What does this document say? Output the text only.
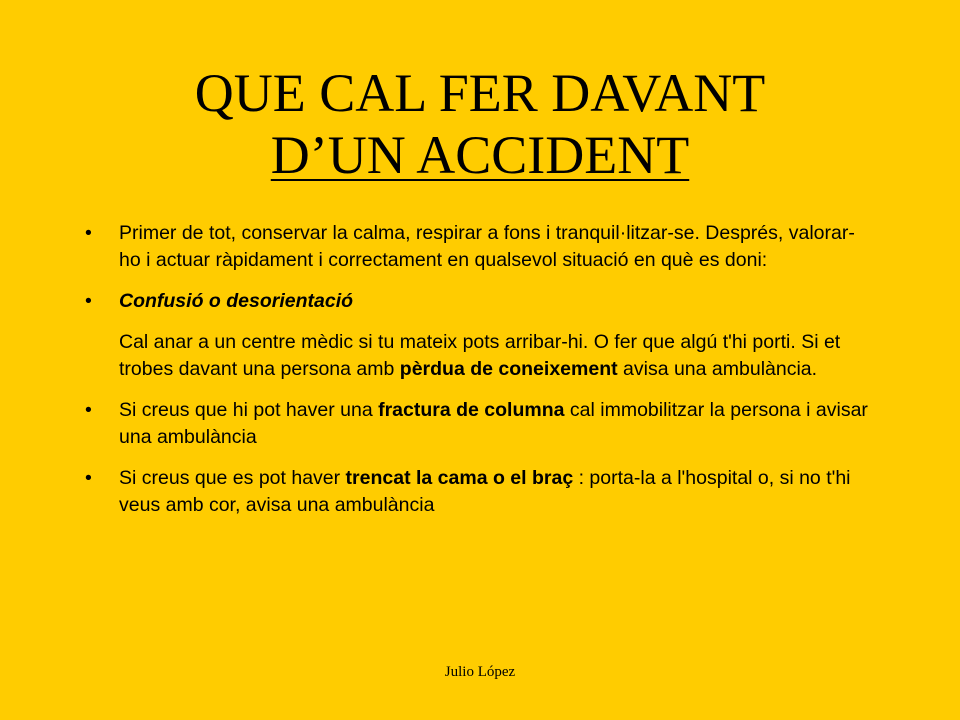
QUE CAL FER DAVANT
D’UN ACCIDENT
• Primer de tot, conservar la calma, respirar a fons i tranquil·litzar-se. Després, valorar-ho i actuar ràpidament i correctament en qualsevol situació en què es doni:
• Confusió o desorientació
Cal anar a un centre mèdic si tu mateix pots arribar-hi. O fer que algú t'hi porti. Si et trobes davant una persona amb pèrdua de coneixement avisa una ambulància.
• Si creus que hi pot haver una fractura de columna cal immobilitzar la persona i avisar una ambulància
• Si creus que es pot haver trencat la cama o el braç : porta-la a l'hospital o, si no t'hi veus amb cor, avisa una ambulància
Julio López
